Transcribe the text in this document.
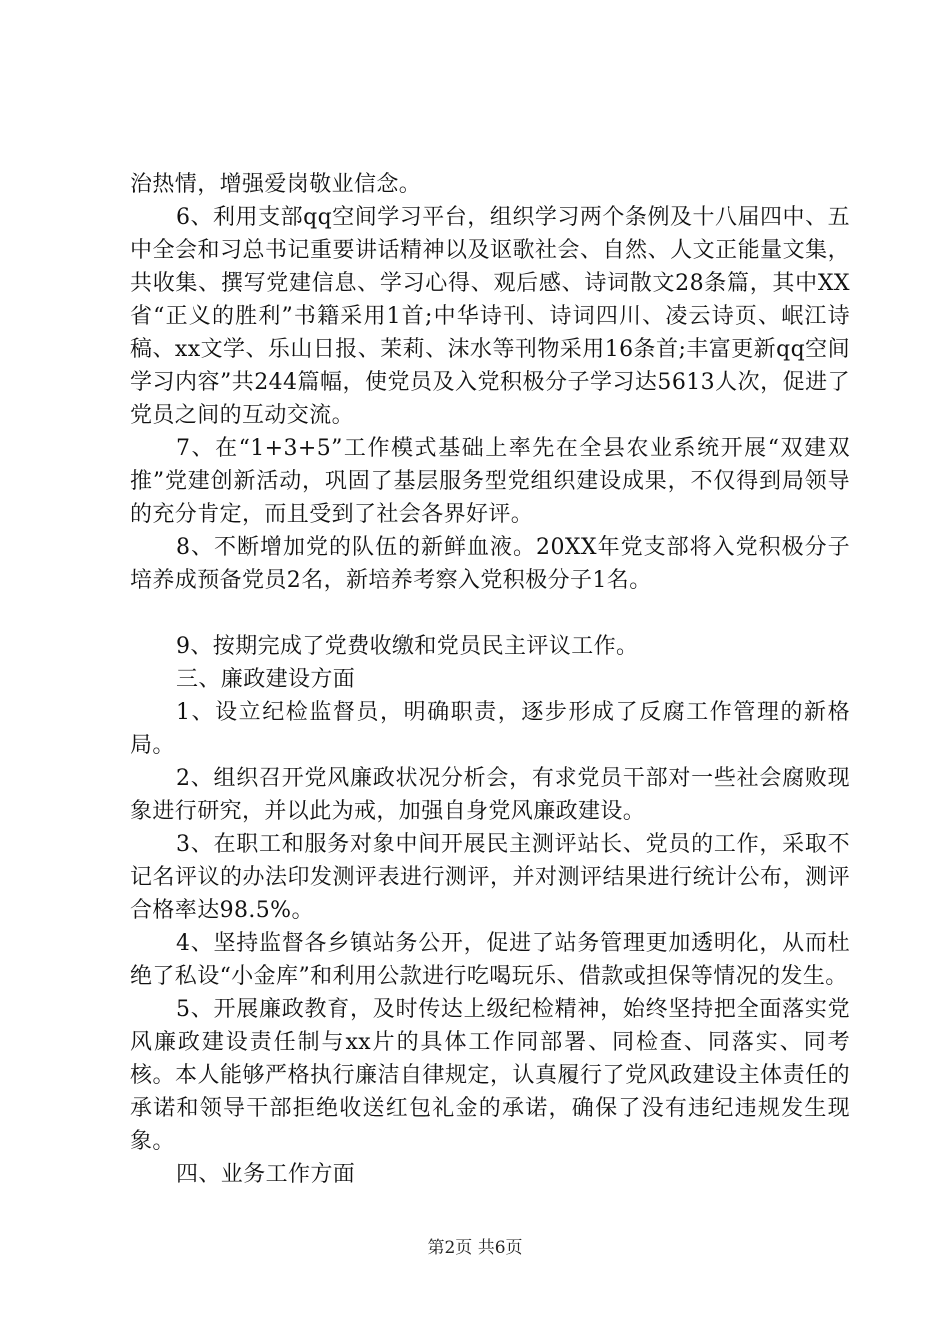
治热情，增强爱岗敬业信念。

6、利用支部qq空间学习平台，组织学习两个条例及十八届四中、五中全会和习总书记重要讲话精神以及讴歌社会、自然、人文正能量文集，共收集、撰写党建信息、学习心得、观后感、诗词散文28条篇，其中XX省“正义的胜利”书籍采用1首;中华诗刊、诗词四川、凌云诗页、岷江诗稿、xx文学、乐山日报、茉莉、沫水等刊物采用16条首;丰富更新qq空间学习内容”共244篇幅，使党员及入党积极分子学习达5613人次，促进了党员之间的互动交流。

7、在“1+3+5”工作模式基础上率先在全县农业系统开展“双建双推”党建创新活动，巩固了基层服务型党组织建设成果，不仅得到局领导的充分肯定，而且受到了社会各界好评。

8、不断增加党的队伍的新鲜血液。20XX年党支部将入党积极分子培养成预备党员2名，新培养考察入党积极分子1名。

9、按期完成了党费收缴和党员民主评议工作。

三、廉政建设方面

1、设立纪检监督员，明确职责，逐步形成了反腐工作管理的新格局。

2、组织召开党风廉政状况分析会，有求党员干部对一些社会腐败现象进行研究，并以此为戒，加强自身党风廉政建设。

3、在职工和服务对象中间开展民主测评站长、党员的工作，采取不记名评议的办法印发测评表进行测评，并对测评结果进行统计公布，测评合格率达98.5%。

4、坚持监督各乡镇站务公开，促进了站务管理更加透明化，从而杜绝了私设“小金库”和利用公款进行吃喝玩乐、借款或担保等情况的发生。

5、开展廉政教育，及时传达上级纪检精神，始终坚持把全面落实党风廉政建设责任制与xx片的具体工作同部署、同检查、同落实、同考核。本人能够严格执行廉洁自律规定，认真履行了党风政建设主体责任的承诺和领导干部拒绝收送红包礼金的承诺，确保了没有违纪违规发生现象。

四、业务工作方面

第2页 共6页
